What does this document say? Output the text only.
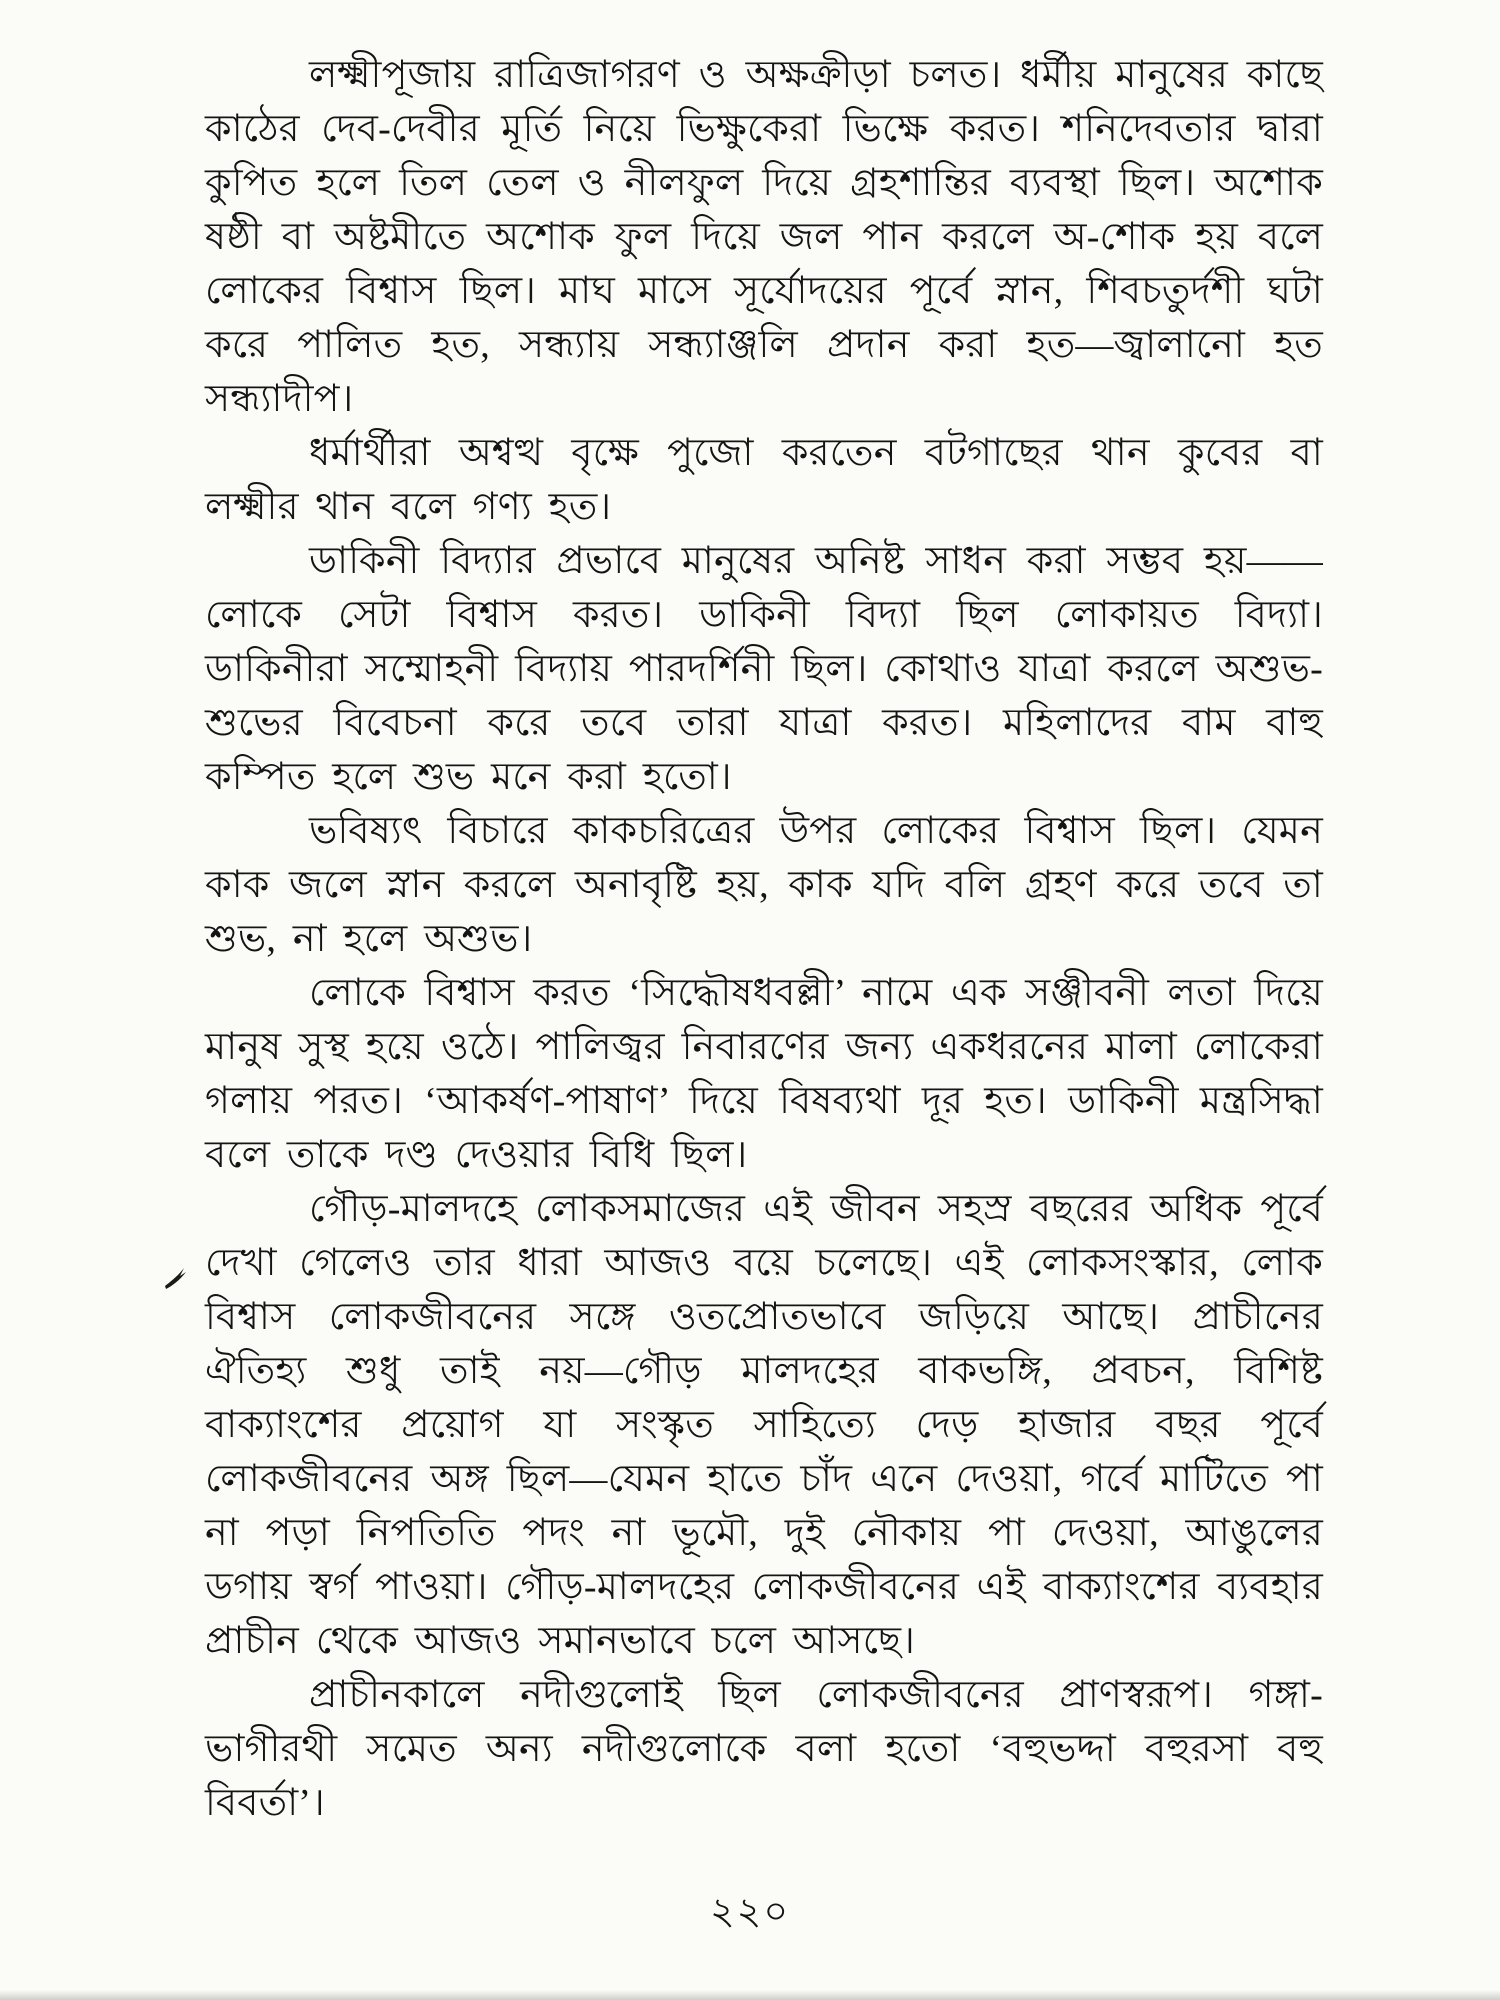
লক্ষ্মীপূজায় রাত্রিজাগরণ ও অক্ষক্রীড়া চলত। ধর্মীয় মানুষের কাছে কাঠের দেব-দেবীর মূর্তি নিয়ে ভিক্ষুকেরা ভিক্ষে করত। শনিদেবতার দ্বারা কুপিত হলে তিল তেল ও নীলফুল দিয়ে গ্রহশান্তির ব্যবস্থা ছিল। অশোক ষষ্ঠী বা অষ্টমীতে অশোক ফুল দিয়ে জল পান করলে অ-শোক হয় বলে লোকের বিশ্বাস ছিল। মাঘ মাসে সূর্যোদয়ের পূর্বে স্নান, শিবচতুর্দশী ঘটা করে পালিত হত, সন্ধ্যায় সন্ধ্যাঞ্জলি প্রদান করা হত—জ্বালানো হত সন্ধ্যাদীপ।

ধর্মার্থীরা অশ্বত্থ বৃক্ষে পুজো করতেন বটগাছের থান কুবের বা লক্ষ্মীর থান বলে গণ্য হত।

ডাকিনী বিদ্যার প্রভাবে মানুষের অনিষ্ট সাধন করা সম্ভব হয়——লোকে সেটা বিশ্বাস করত। ডাকিনী বিদ্যা ছিল লোকায়ত বিদ্যা। ডাকিনীরা সম্মোহনী বিদ্যায় পারদর্শিনী ছিল। কোথাও যাত্রা করলে অশুভ-শুভের বিবেচনা করে তবে তারা যাত্রা করত। মহিলাদের বাম বাহু কম্পিত হলে শুভ মনে করা হতো।

ভবিষ্যৎ বিচারে কাকচরিত্রের উপর লোকের বিশ্বাস ছিল। যেমন কাক জলে স্নান করলে অনাবৃষ্টি হয়, কাক যদি বলি গ্রহণ করে তবে তা শুভ, না হলে অশুভ।

লোকে বিশ্বাস করত ‘সিদ্ধৌষধবল্লী’ নামে এক সঞ্জীবনী লতা দিয়ে মানুষ সুস্থ হয়ে ওঠে। পালিজ্বর নিবারণের জন্য একধরনের মালা লোকেরা গলায় পরত। ‘আকর্ষণ-পাষাণ’ দিয়ে বিষব্যথা দূর হত। ডাকিনী মন্ত্রসিদ্ধা বলে তাকে দণ্ড দেওয়ার বিধি ছিল।

গৌড়-মালদহে লোকসমাজের এই জীবন সহস্র বছরের অধিক পূর্বে দেখা গেলেও তার ধারা আজও বয়ে চলেছে। এই লোকসংস্কার, লোক বিশ্বাস লোকজীবনের সঙ্গে ওতপ্রোতভাবে জড়িয়ে আছে। প্রাচীনের ঐতিহ্য শুধু তাই নয়—গৌড় মালদহের বাকভঙ্গি, প্রবচন, বিশিষ্ট বাক্যাংশের প্রয়োগ যা সংস্কৃত সাহিত্যে দেড় হাজার বছর পূর্বে লোকজীবনের অঙ্গ ছিল—যেমন হাতে চাঁদ এনে দেওয়া, গর্বে মাটিতে পা না পড়া নিপতিতি পদং না ভূমৌ, দুই নৌকায় পা দেওয়া, আঙুলের ডগায় স্বর্গ পাওয়া। গৌড়-মালদহের লোকজীবনের এই বাক্যাংশের ব্যবহার প্রাচীন থেকে আজও সমানভাবে চলে আসছে।

প্রাচীনকালে নদীগুলোই ছিল লোকজীবনের প্রাণস্বরূপ। গঙ্গা-ভাগীরথী সমেত অন্য নদীগুলোকে বলা হতো ‘বহুভদ্দা বহুরসা বহু বিবর্তা’।

২২০
